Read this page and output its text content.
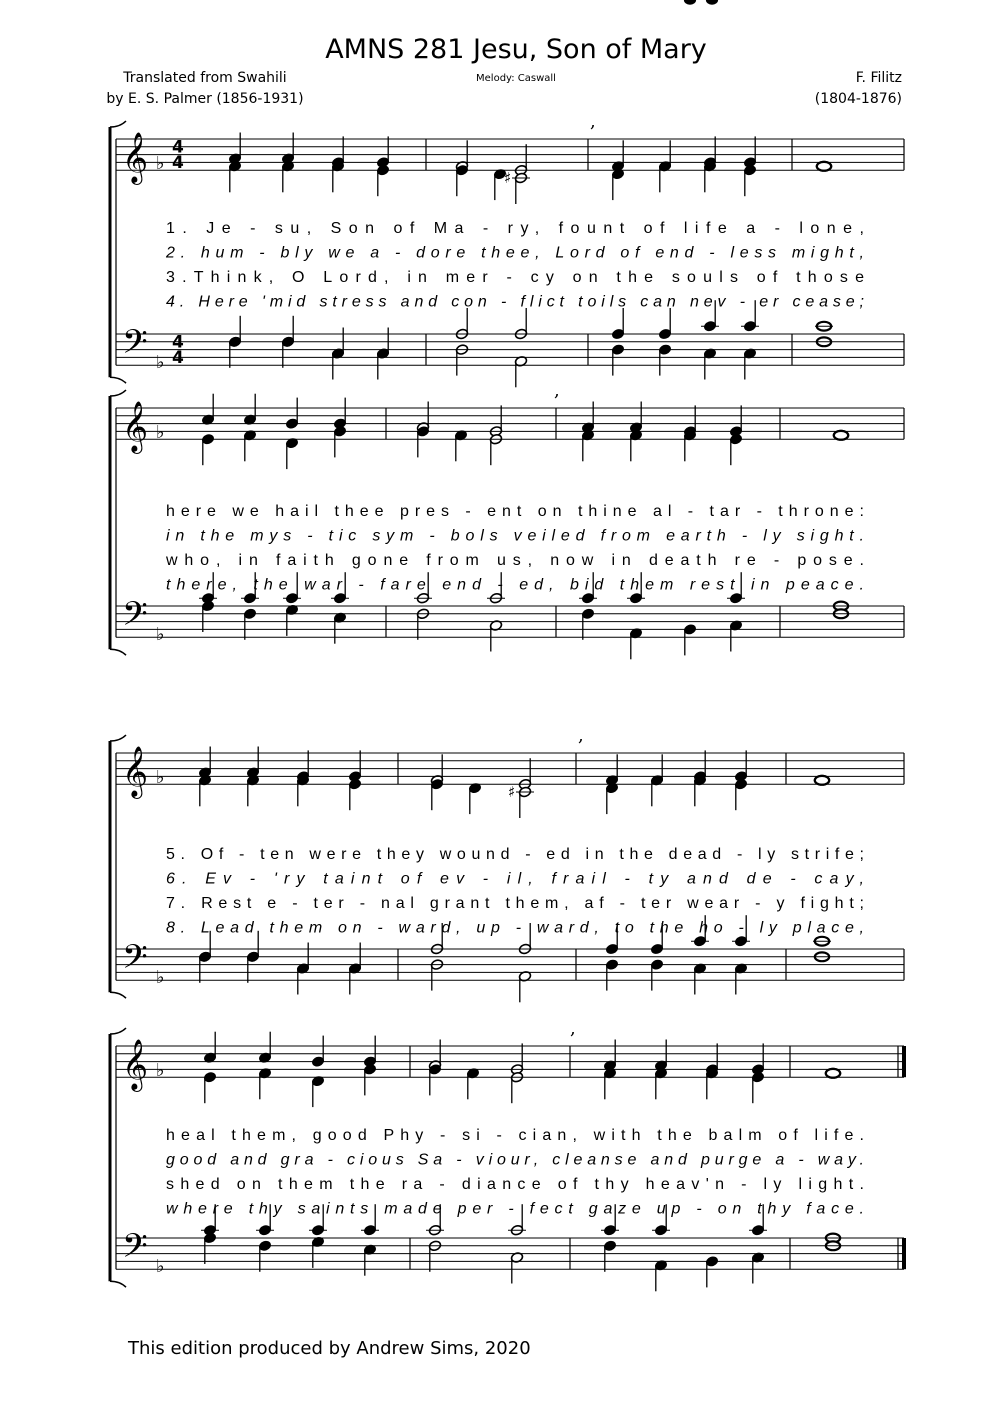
AMNS 281 Jesu, Son of Mary
Melody: Caswall
Translated from Swahili
by E. S. Palmer (1856-1931)
F. Filitz
(1804-1876)
𝄞
𝄢
♭
♭
4
4
4
4
,
♯
1. Je - su, Son of Ma - ry, fount of life a - lone,
2. hum - bly we a - dore thee, Lord of end - less might,
3.Think, O Lord, in mer - cy on the souls of those
4. Here 'mid stress and con - flict toils can nev - er cease;
𝄞
𝄢
♭
♭
,
here we hail thee pres - ent on thine al - tar - throne:
in the mys - tic sym - bols veiled from earth - ly sight.
who, in faith gone from us, now in death re - pose.
there, the war - fare end - ed, bid them rest in peace.
𝄞
𝄢
♭
♭
,
♯
5. Of - ten were they wound - ed in the dead - ly strife;
6. Ev - 'ry taint of ev - il, frail - ty and de - cay,
7. Rest e - ter - nal grant them, af - ter wear - y fight;
8. Lead them on - ward, up - ward, to the ho - ly place,
𝄞
𝄢
♭
♭
,
heal them, good Phy - si - cian, with the balm of life.
good and gra - cious Sa - viour, cleanse and purge a - way.
shed on them the ra - diance of thy heav'n - ly light.
where thy saints made per - fect gaze up - on thy face.
This edition produced by Andrew Sims, 2020
